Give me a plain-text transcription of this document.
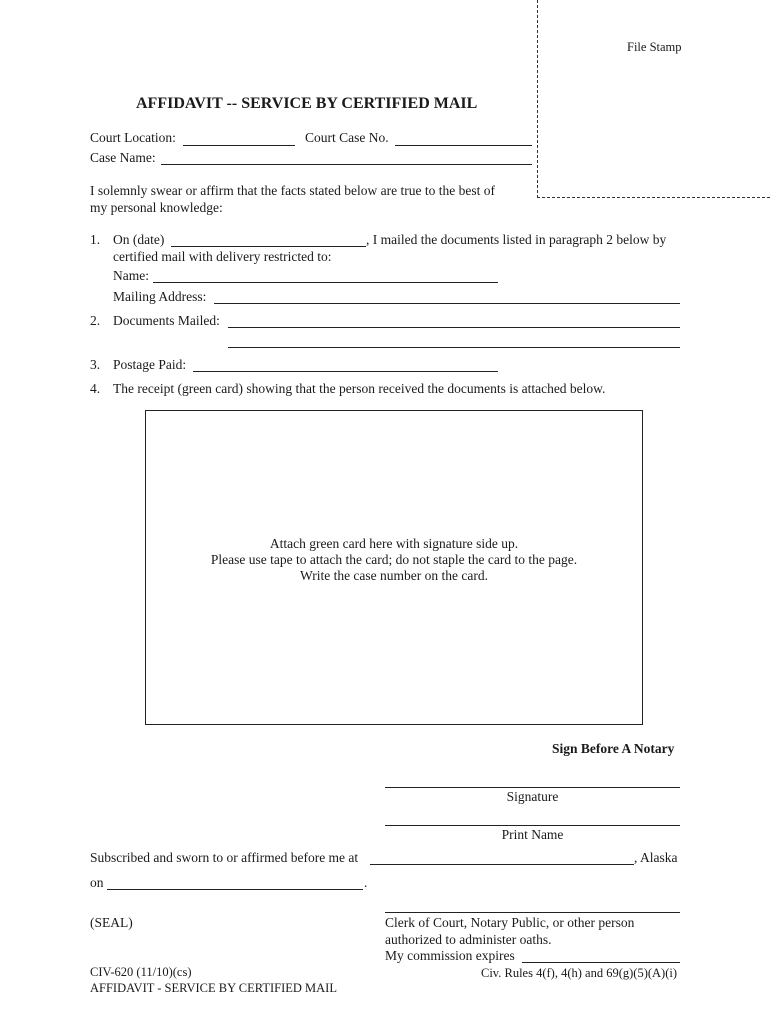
File Stamp
AFFIDAVIT -- SERVICE BY CERTIFIED MAIL
Court Location:	Court Case No.
Case Name:
I solemnly swear or affirm that the facts stated below are true to the best of
my personal knowledge:
1. On (date)	, I mailed the documents listed in paragraph 2 below by
certified mail with delivery restricted to:
Name:
Mailing Address:
2. Documents Mailed:
3. Postage Paid:
4. The receipt (green card) showing that the person received the documents is attached below.
Attach green card here with signature side up.
Please use tape to attach the card; do not staple the card to the page.
Write the case number on the card.
Sign Before A Notary
Signature
Print Name
Subscribed and sworn to or affirmed before me at	, Alaska
on	.
(SEAL)	Clerk of Court, Notary Public, or other person
authorized to administer oaths.
My commission expires
CIV-620 (11/10)(cs)
AFFIDAVIT - SERVICE BY CERTIFIED MAIL
Civ. Rules 4(f), 4(h) and 69(g)(5)(A)(i)
